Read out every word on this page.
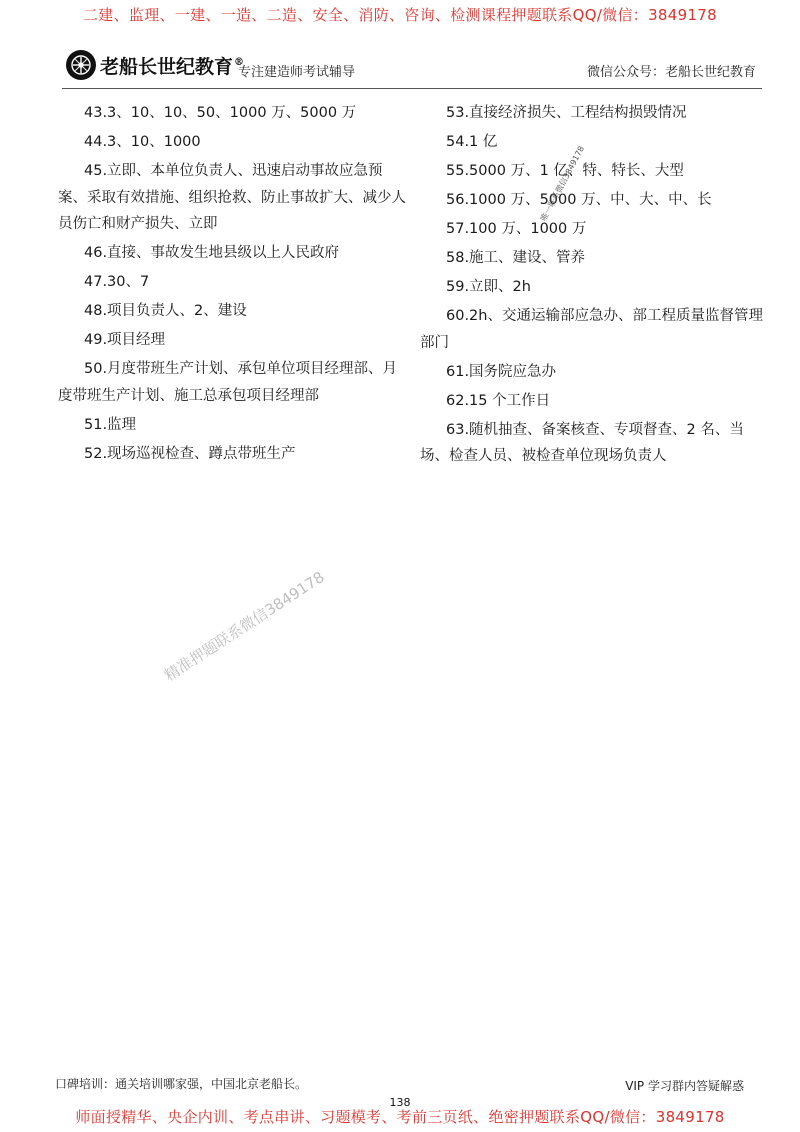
二建、监理、一建、一造、二造、安全、消防、咨询、检测课程押题联系QQ/微信：3849178
老船长世纪教育®
专注建造师考试辅导	微信公众号：老船长世纪教育

43.3、10、10、50、1000 万、5000 万

44.3、10、1000

45.立即、本单位负责人、迅速启动事故应急预案、采取有效措施、组织抢救、防止事故扩大、减少人员伤亡和财产损失、立即

46.直接、事故发生地县级以上人民政府

47.30、7

48.项目负责人、2、建设

49.项目经理

50.月度带班生产计划、承包单位项目经理部、月度带班生产计划、施工总承包项目经理部

51.监理

52.现场巡视检查、蹲点带班生产

53.直接经济损失、工程结构损毁情况

54.1 亿

55.5000 万、1 亿、特、特长、大型

56.1000 万、5000 万、中、大、中、长

57.100 万、1000 万

58.施工、建设、管养

59.立即、2h

60.2h、交通运输部应急办、部工程质量监督管理部门

61.国务院应急办

62.15 个工作日

63.随机抽查、备案核查、专项督查、2 名、当场、检查人员、被检查单位现场负责人

唯一联系微信3849178
精准押题联系微信3849178
口碑培训：通关培训哪家强，中国北京老船长。	VIP 学习群内答疑解惑
138
师面授精华、央企内训、考点串讲、习题模考、考前三页纸、绝密押题联系QQ/微信：3849178
